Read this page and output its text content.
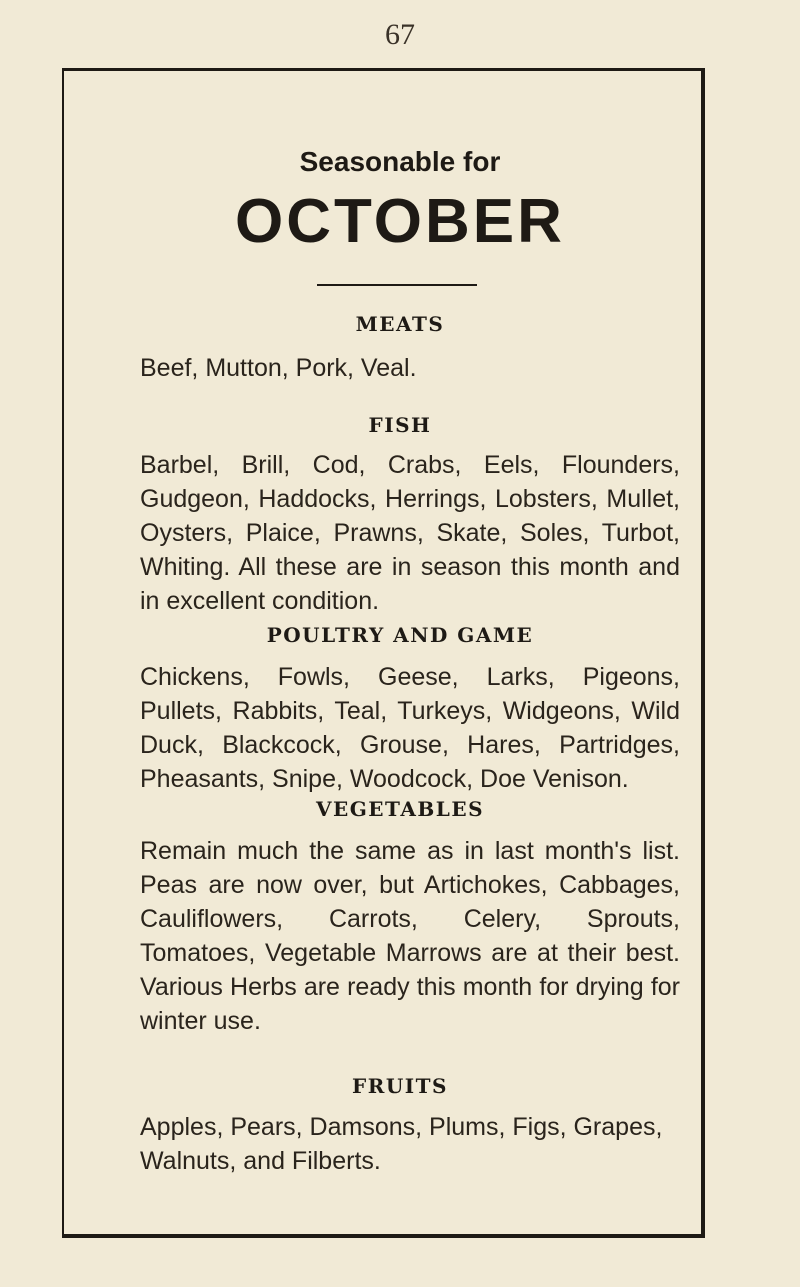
67
Seasonable for
OCTOBER
MEATS
Beef, Mutton, Pork, Veal.
FISH
Barbel, Brill, Cod, Crabs, Eels, Flounders, Gudgeon, Haddocks, Herrings, Lobsters, Mullet, Oysters, Plaice, Prawns, Skate, Soles, Turbot, Whiting. All these are in season this month and in excellent condition.
POULTRY AND GAME
Chickens, Fowls, Geese, Larks, Pigeons, Pullets, Rabbits, Teal, Turkeys, Widgeons, Wild Duck, Blackcock, Grouse, Hares, Partridges, Pheasants, Snipe, Woodcock, Doe Venison.
VEGETABLES
Remain much the same as in last month's list. Peas are now over, but Artichokes, Cabbages, Cauliflowers, Carrots, Celery, Sprouts, Tomatoes, Vegetable Marrows are at their best. Various Herbs are ready this month for drying for winter use.
FRUITS
Apples, Pears, Damsons, Plums, Figs, Grapes, Walnuts, and Filberts.
